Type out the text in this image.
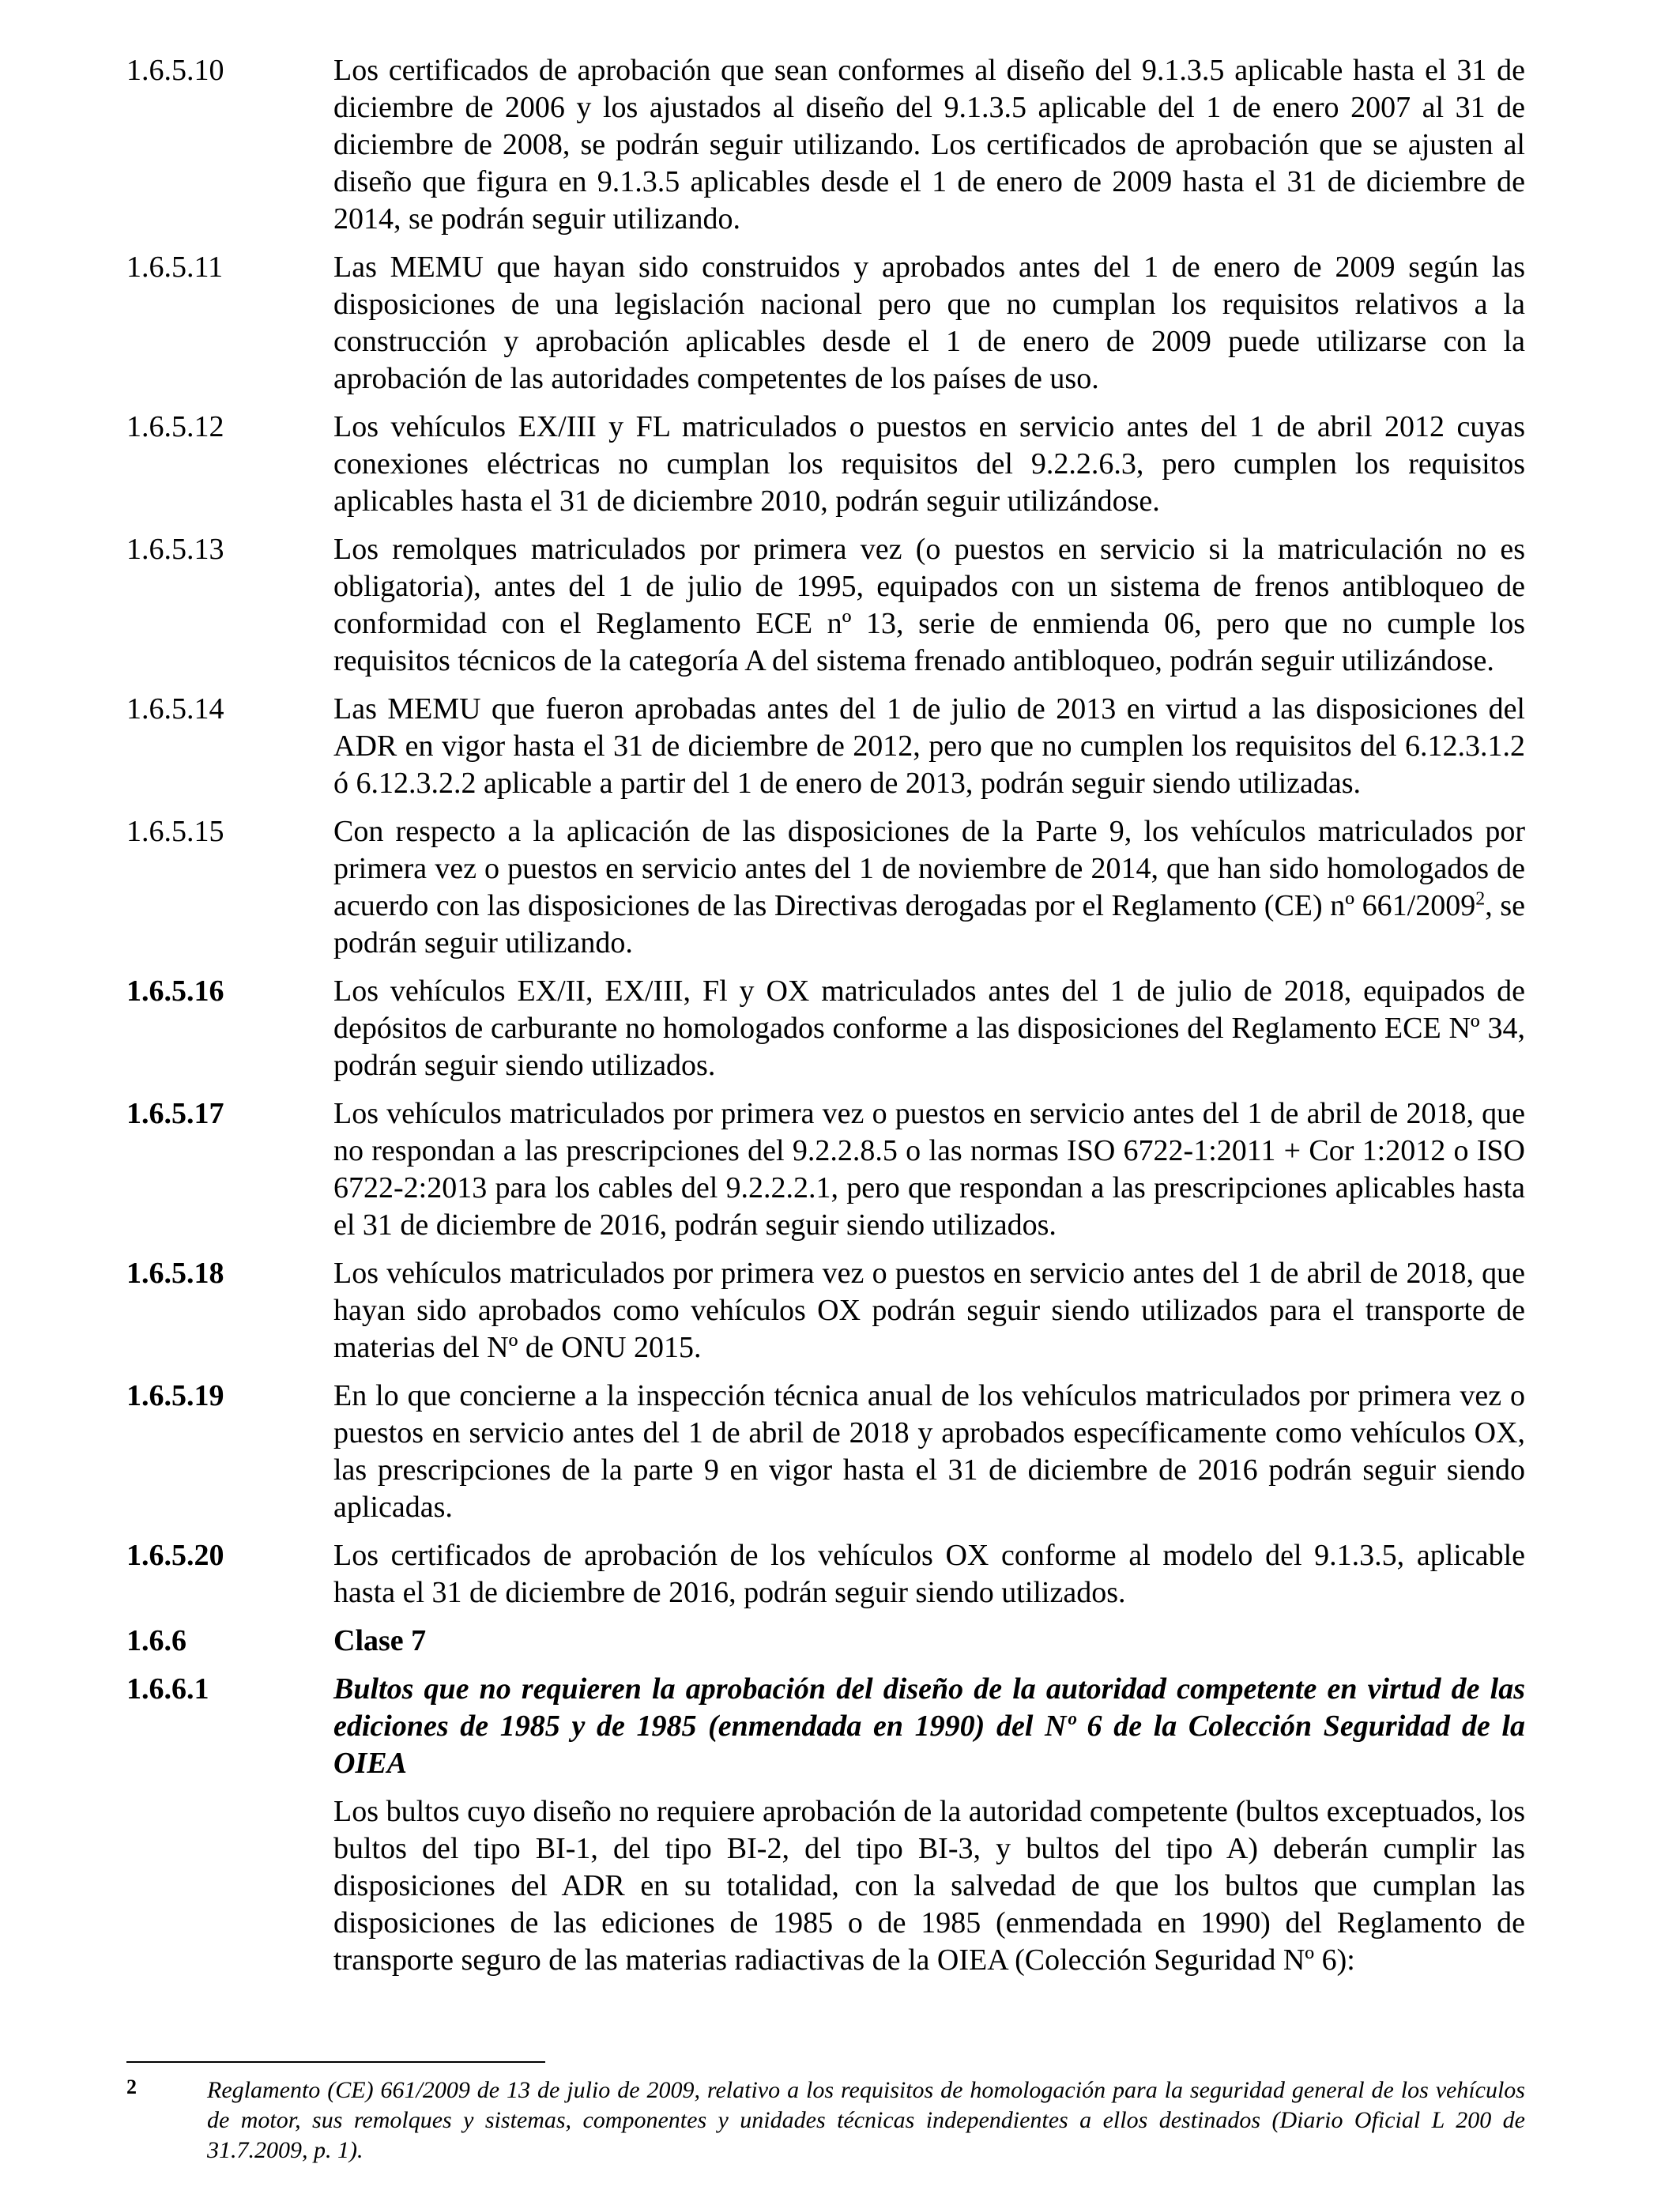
1.6.5.10	Los certificados de aprobación que sean conformes al diseño del 9.1.3.5 aplicable hasta el 31 de diciembre de 2006 y los ajustados al diseño del 9.1.3.5 aplicable del 1 de enero 2007 al 31 de diciembre de 2008, se podrán seguir utilizando. Los certificados de aprobación que se ajusten al diseño que figura en 9.1.3.5 aplicables desde el 1 de enero de 2009 hasta el 31 de diciembre de 2014, se podrán seguir utilizando.
1.6.5.11	Las MEMU que hayan sido construidos y aprobados antes del 1 de enero de 2009 según las disposiciones de una legislación nacional pero que no cumplan los requisitos relativos a la construcción y aprobación aplicables desde el 1 de enero de 2009 puede utilizarse con la aprobación de las autoridades competentes de los países de uso.
1.6.5.12	Los vehículos EX/III y FL matriculados o puestos en servicio antes del 1 de abril 2012 cuyas conexiones eléctricas no cumplan los requisitos del 9.2.2.6.3, pero cumplen los requisitos aplicables hasta el 31 de diciembre 2010, podrán seguir utilizándose.
1.6.5.13	Los remolques matriculados por primera vez (o puestos en servicio si la matriculación no es obligatoria), antes del 1 de julio de 1995, equipados con un sistema de frenos antibloqueo de conformidad con el Reglamento ECE nº 13, serie de enmienda 06, pero que no cumple los requisitos técnicos de la categoría A del sistema frenado antibloqueo, podrán seguir utilizándose.
1.6.5.14	Las MEMU que fueron aprobadas antes del 1 de julio de 2013 en virtud a las disposiciones del ADR en vigor hasta el 31 de diciembre de 2012, pero que no cumplen los requisitos del 6.12.3.1.2 ó 6.12.3.2.2 aplicable a partir del 1 de enero de 2013, podrán seguir siendo utilizadas.
1.6.5.15	Con respecto a la aplicación de las disposiciones de la Parte 9, los vehículos matriculados por primera vez o puestos en servicio antes del 1 de noviembre de 2014, que han sido homologados de acuerdo con las disposiciones de las Directivas derogadas por el Reglamento (CE) nº 661/2009$^2$, se podrán seguir utilizando.
1.6.5.16	Los vehículos EX/II, EX/III, Fl y OX matriculados antes del 1 de julio de 2018, equipados de depósitos de carburante no homologados conforme a las disposiciones del Reglamento ECE Nº 34, podrán seguir siendo utilizados.
1.6.5.17	Los vehículos matriculados por primera vez o puestos en servicio antes del 1 de abril de 2018, que no respondan a las prescripciones del 9.2.2.8.5 o las normas ISO 6722-1:2011 + Cor 1:2012 o ISO 6722-2:2013 para los cables del 9.2.2.2.1, pero que respondan a las prescripciones aplicables hasta el 31 de diciembre de 2016, podrán seguir siendo utilizados.
1.6.5.18	Los vehículos matriculados por primera vez o puestos en servicio antes del 1 de abril de 2018, que hayan sido aprobados como vehículos OX podrán seguir siendo utilizados para el transporte de materias del Nº de ONU 2015.
1.6.5.19	En lo que concierne a la inspección técnica anual de los vehículos matriculados por primera vez o puestos en servicio antes del 1 de abril de 2018 y aprobados específicamente como vehículos OX, las prescripciones de la parte 9 en vigor hasta el 31 de diciembre de 2016 podrán seguir siendo aplicadas.
1.6.5.20	Los certificados de aprobación de los vehículos OX conforme al modelo del 9.1.3.5, aplicable hasta el 31 de diciembre de 2016, podrán seguir siendo utilizados.
1.6.6	Clase 7
1.6.6.1	Bultos que no requieren la aprobación del diseño de la autoridad competente en virtud de las ediciones de 1985 y de 1985 (enmendada en 1990) del Nº 6 de la Colección Seguridad de la OIEA
Los bultos cuyo diseño no requiere aprobación de la autoridad competente (bultos exceptuados, los bultos del tipo BI-1, del tipo BI-2, del tipo BI-3, y bultos del tipo A) deberán cumplir las disposiciones del ADR en su totalidad, con la salvedad de que los bultos que cumplan las disposiciones de las ediciones de 1985 o de 1985 (enmendada en 1990) del Reglamento de transporte seguro de las materias radiactivas de la OIEA (Colección Seguridad Nº 6):
2	Reglamento (CE) 661/2009 de 13 de julio de 2009, relativo a los requisitos de homologación para la seguridad general de los vehículos de motor, sus remolques y sistemas, componentes y unidades técnicas independientes a ellos destinados (Diario Oficial L 200 de 31.7.2009, p. 1).
